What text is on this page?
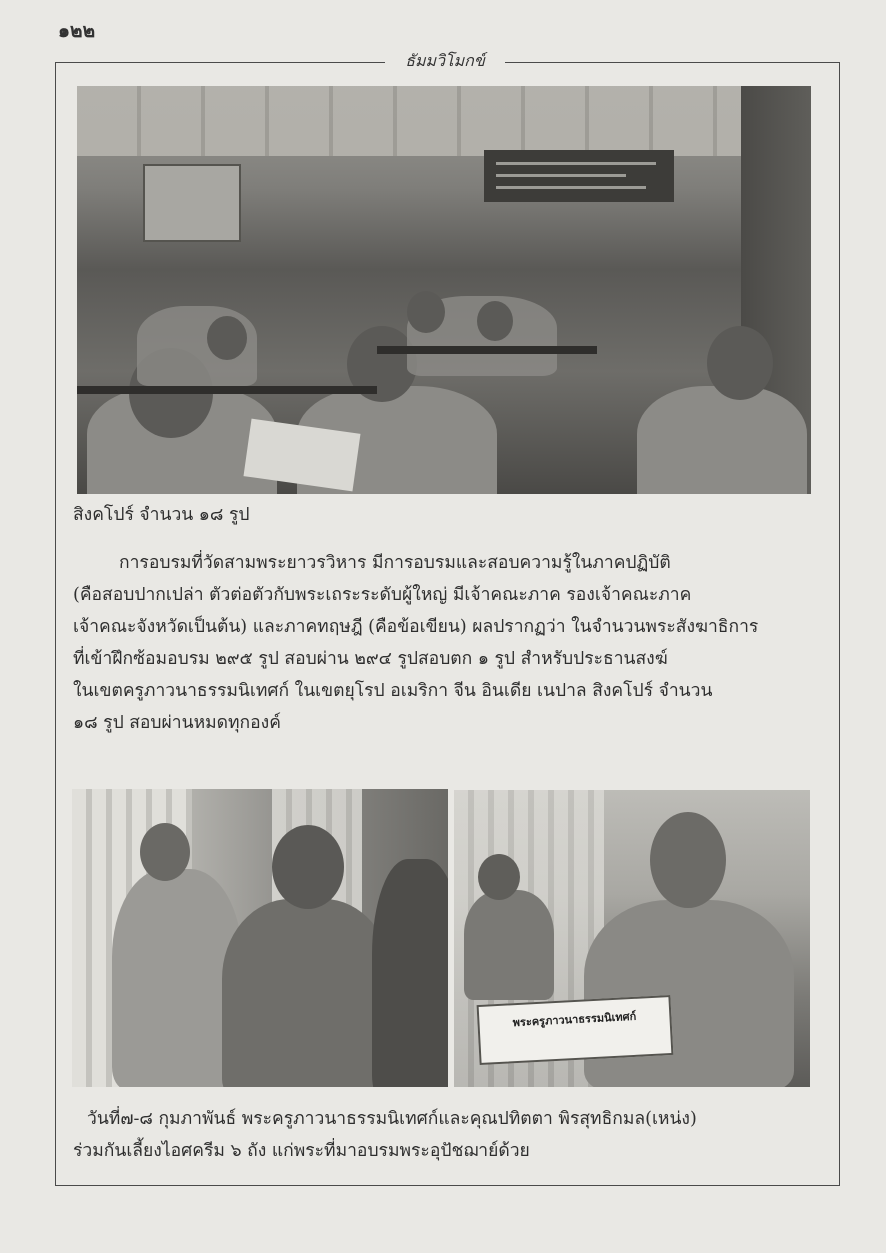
๑๒๒
ธัมมวิโมกข์
สิงคโปร์ จำนวน ๑๘ รูป
การอบรมที่วัดสามพระยาวรวิหาร มีการอบรมและสอบความรู้ในภาคปฏิบัติ
(คือสอบปากเปล่า ตัวต่อตัวกับพระเถระระดับผู้ใหญ่ มีเจ้าคณะภาค รองเจ้าคณะภาค
เจ้าคณะจังหวัดเป็นต้น) และภาคทฤษฎี (คือข้อเขียน) ผลปรากฏว่า ในจำนวนพระสังฆาธิการ
ที่เข้าฝึกซ้อมอบรม ๒๙๕ รูป สอบผ่าน ๒๙๔ รูปสอบตก ๑ รูป สำหรับประธานสงฆ์
ในเขตครูภาวนาธรรมนิเทศก์ ในเขตยุโรป อเมริกา จีน อินเดีย เนปาล สิงคโปร์ จำนวน
๑๘ รูป สอบผ่านหมดทุกองค์
พระครูภาวนาธรรมนิเทศก์
วันที่๗-๘ กุมภาพันธ์ พระครูภาวนาธรรมนิเทศก์และคุณปทิตตา พิรสุทธิกมล(เหน่ง)
ร่วมกันเลี้ยงไอศครีม ๖ ถัง แก่พระที่มาอบรมพระอุปัชฌาย์ด้วย
